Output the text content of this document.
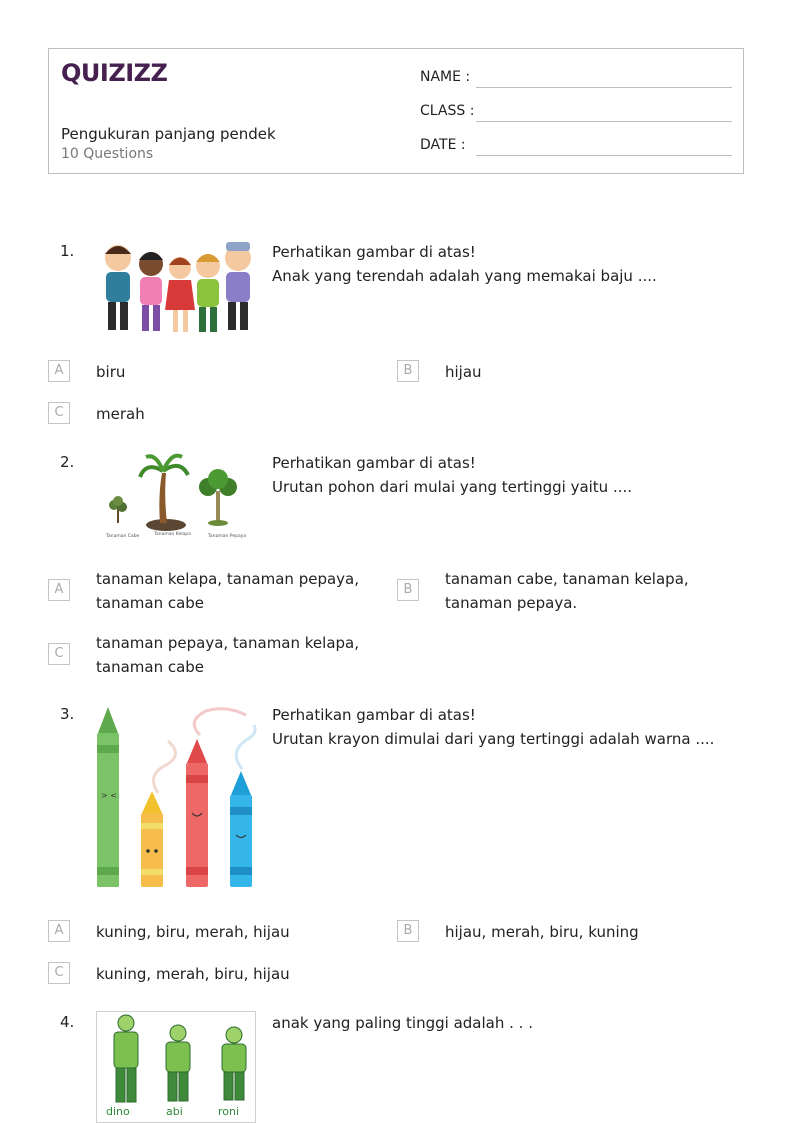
QUIZIZZ
Pengukuran panjang pendek
10 Questions
NAME :
CLASS :
DATE :
1.	Perhatikan gambar di atas!
Anak yang terendah adalah yang memakai baju ....
A	biru	B	hijau
C	merah
2.
Tanaman Cabe	Tanaman Kelapa	Tanaman Pepaya
Perhatikan gambar di atas!
Urutan pohon dari mulai yang tertinggi yaitu ....
A
tanaman kelapa, tanaman pepaya,
tanaman cabe
B
tanaman cabe, tanaman kelapa,
tanaman pepaya.
C
tanaman pepaya, tanaman kelapa,
tanaman cabe
3.
> <
Perhatikan gambar di atas!
Urutan krayon dimulai dari yang tertinggi adalah warna ....
A	kuning, biru, merah, hijau	B	hijau, merah, biru, kuning
C	kuning, merah, biru, hijau
4.
dino	abi	roni
anak yang paling tinggi adalah . . .
